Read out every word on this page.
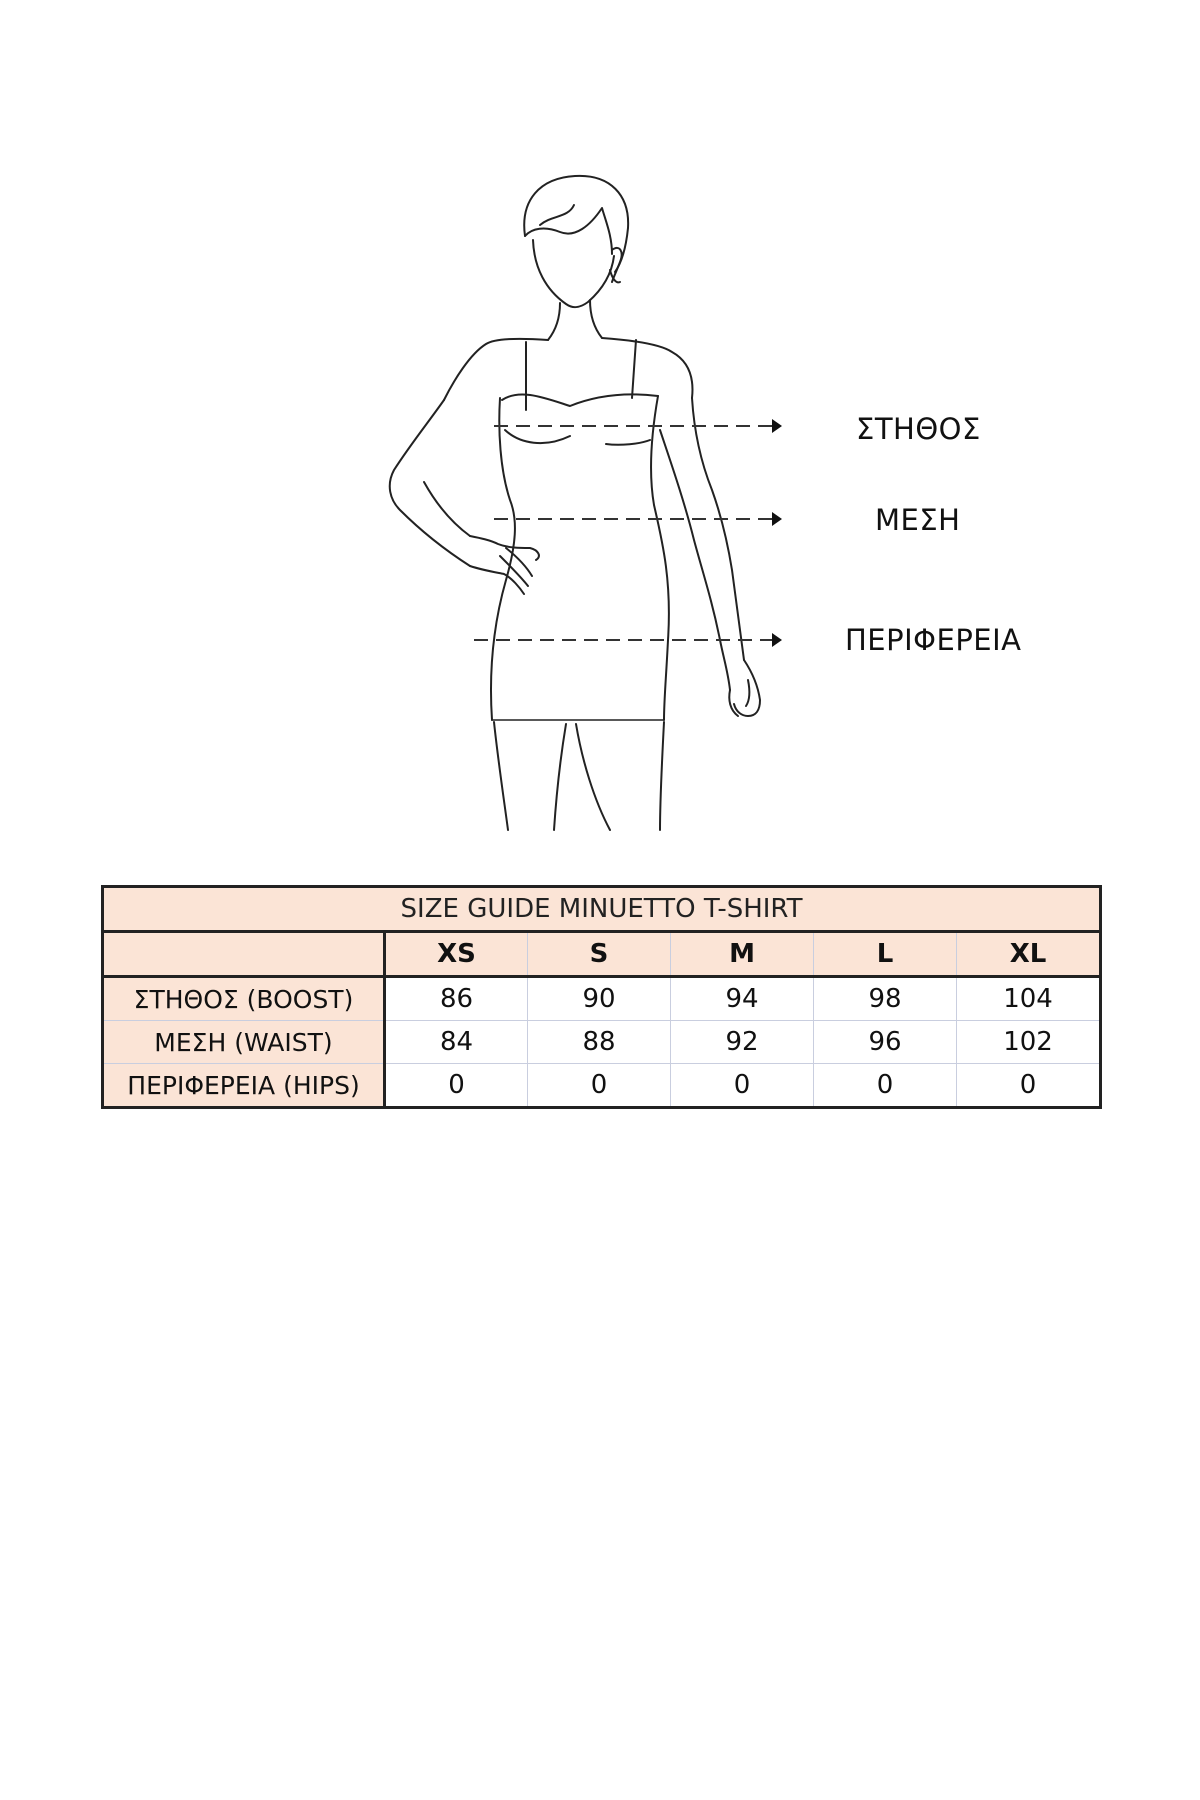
ΣΤΗΘΟΣ
ΜΕΣΗ
ΠΕΡΙΦΕΡΕΙΑ
SIZE GUIDE MINUETTO T-SHIRT					
	XS	S	M	L	XL
ΣΤΗΘΟΣ (BOOST)	86	90	94	98	104
ΜΕΣΗ (WAIST)	84	88	92	96	102
ΠΕΡΙΦΕΡΕΙΑ (HIPS)	0	0	0	0	0
